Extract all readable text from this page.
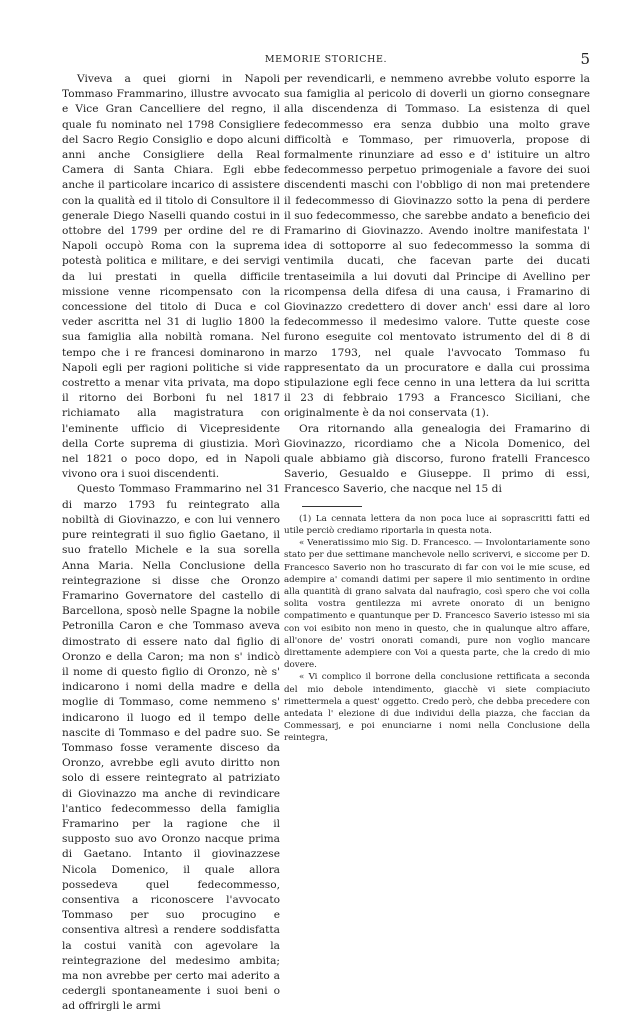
MEMORIE STORICHE.	5

Viveva a quei giorni in Napoli Tommaso Frammarino, illustre avvocato e Vice Gran Cancelliere del regno, il quale fu nominato nel 1798 Consigliere del Sacro Regio Consiglio e dopo alcuni anni anche Consigliere della Real Camera di Santa Chiara. Egli ebbe anche il particolare incarico di assistere con la qualità ed il titolo di Consultore il generale Diego Naselli quando costui in ottobre del 1799 per ordine del re di Napoli occupò Roma con la suprema potestà politica e militare, e dei servigi da lui prestati in quella difficile missione venne ricompensato con la concessione del titolo di Duca e col veder ascritta nel 31 di luglio 1800 la sua famiglia alla nobiltà romana. Nel tempo che i re francesi dominarono in Napoli egli per ragioni politiche si vide costretto a menar vita privata, ma dopo il ritorno dei Borboni fu nel 1817 richiamato alla magistratura con l'eminente ufficio di Vicepresidente della Corte suprema di giustizia. Morì nel 1821 o poco dopo, ed in Napoli vivono ora i suoi discendenti.

Questo Tommaso Frammarino nel 31 di marzo 1793 fu reintegrato alla nobiltà di Giovinazzo, e con lui vennero pure reintegrati il suo figlio Gaetano, il suo fratello Michele e la sua sorella Anna Maria. Nella Conclusione della reintegrazione si disse che Oronzo Framarino Governatore del castello di Barcellona, sposò nelle Spagne la nobile Petronilla Caron e che Tommaso aveva dimostrato di essere nato dal figlio di Oronzo e della Caron; ma non s' indicò il nome di questo figlio di Oronzo, nè s' indicarono i nomi della madre e della moglie di Tommaso, come nemmeno s' indicarono il luogo ed il tempo delle nascite di Tommaso e del padre suo. Se Tommaso fosse veramente disceso da Oronzo, avrebbe egli avuto diritto non solo di essere reintegrato al patriziato di Giovinazzo ma anche di revindicare l'antico fedecommesso della famiglia Framarino per la ragione che il supposto suo avo Oronzo nacque prima di Gaetano. Intanto il giovinazzese Nicola Domenico, il quale allora possedeva quel fedecommesso, consentiva a riconoscere l'avvocato Tommaso per suo procugino e consentiva altresì a rendere soddisfatta la costui vanità con agevolare la reintegrazione del medesimo ambita; ma non avrebbe per certo mai aderito a cedergli spontaneamente i suoi beni o ad offrirgli le armi

per revendicarli, e nemmeno avrebbe voluto esporre la sua famiglia al pericolo di doverli un giorno consegnare alla discendenza di Tommaso. La esistenza di quel fedecommesso era senza dubbio una molto grave difficoltà e Tommaso, per rimuoverla, propose di formalmente rinunziare ad esso e d' istituire un altro fedecommesso perpetuo primogeniale a favore dei suoi discendenti maschi con l'obbligo di non mai pretendere il fedecommesso di Giovinazzo sotto la pena di perdere il suo fedecommesso, che sarebbe andato a beneficio dei Framarino di Giovinazzo. Avendo inoltre manifestata l' idea di sottoporre al suo fedecommesso la somma di ventimila ducati, che facevan parte dei ducati trentaseimila a lui dovuti dal Principe di Avellino per ricompensa della difesa di una causa, i Framarino di Giovinazzo credettero di dover anch' essi dare al loro fedecommesso il medesimo valore. Tutte queste cose furono eseguite col mentovato istrumento del di 8 di marzo 1793, nel quale l'avvocato Tommaso fu rappresentato da un procuratore e dalla cui prossima stipulazione egli fece cenno in una lettera da lui scritta il 23 di febbraio 1793 a Francesco Siciliani, che originalmente è da noi conservata (1).

Ora ritornando alla genealogia dei Framarino di Giovinazzo, ricordiamo che a Nicola Domenico, del quale abbiamo già discorso, furono fratelli Francesco Saverio, Gesualdo e Giuseppe. Il primo di essi, Francesco Saverio, che nacque nel 15 di

(1) La cennata lettera da non poca luce ai soprascritti fatti ed utile perciò crediamo riportarla in questa nota.

« Veneratissimo mio Sig. D. Francesco. — Involontariamente sono stato per due settimane manchevole nello scrivervi, e siccome per D. Francesco Saverio non ho trascurato di far con voi le mie scuse, ed adempire a' comandi datimi per sapere il mio sentimento in ordine alla quantità di grano salvata dal naufragio, così spero che voi colla solita vostra gentilezza mi avrete onorato di un benigno compatimento e quantunque per D. Francesco Saverio istesso mi sia con voi esibito non meno in questo, che in qualunque altro affare, all'onore de' vostri onorati comandi, pure non voglio mancare direttamente adempiere con Voi a questa parte, che la credo di mio dovere.

« Vi complico il borrone della conclusione rettificata a seconda del mio debole intendimento, giacchè vi siete compiaciuto rimettermela a quest' oggetto. Credo però, che debba precedere con antedata l' elezione di due individui della piazza, che faccian da Commessarj, e poi enunciarne i nomi nella Conclusione della reintegra,
